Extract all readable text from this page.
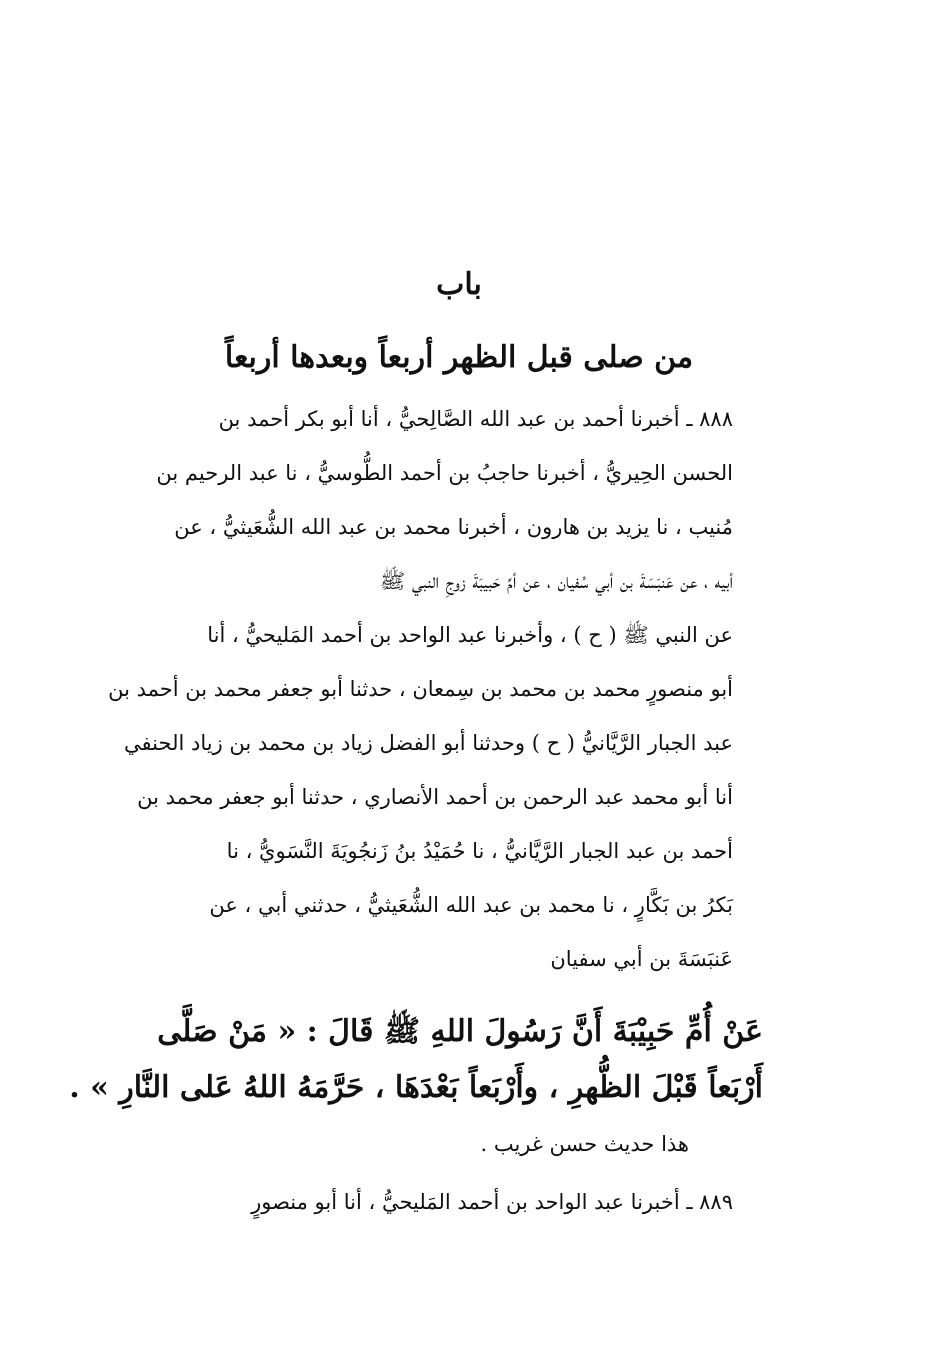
باب
من صلى قبل الظهر أربعاً وبعدها أربعاً
٨٨٨ ـ أخبرنا أحمد بن عبد الله الصَّالِحيُّ ، أنا أبو بكر أحمد بن
الحسن الحِيريُّ ، أخبرنا حاجبُ بن أحمد الطُّوسيُّ ، نا عبد الرحيم بن
مُنيب ، نا يزيد بن هارون ، أخبرنا محمد بن عبد الله الشُّعَيثيُّ ، عن
أبيه ، عن عَنبَسَةَ بن أبي سُفيان ، عن أمِّ حَبيبَةَ زوجِ النبي ﷺ
عن النبي ﷺ ( ح ) ، وأخبرنا عبد الواحد بن أحمد المَليحيُّ ، أنا
أبو منصورٍ محمد بن محمد بن سِمعان ، حدثنا أبو جعفر محمد بن أحمد بن
عبد الجبار الرَّيَّانيُّ ( ح ) وحدثنا أبو الفضل زياد بن محمد بن زياد الحنفي
أنا أبو محمد عبد الرحمن بن أحمد الأنصاري ، حدثنا أبو جعفر محمد بن
أحمد بن عبد الجبار الرَّيَّانيُّ ، نا حُمَيْدُ بنُ زَنجُويَةَ النَّسَويُّ ، نا
بَكرُ بن بَكَّارٍ ، نا محمد بن عبد الله الشُّعَيثيُّ ، حدثني أبي ، عن
عَنبَسَةَ بن أبي سفيان
عَنْ أُمِّ حَبِيْبَةَ أَنَّ رَسُولَ اللهِ ﷺ قَالَ : « مَنْ صَلَّى
أَرْبَعاً قَبْلَ الظُّهرِ ، وأَرْبَعاً بَعْدَهَا ، حَرَّمَهُ اللهُ عَلى النَّارِ » .

هذا حديث حسن غريب .

٨٨٩ ـ أخبرنا عبد الواحد بن أحمد المَليحيُّ ، أنا أبو منصورٍ
